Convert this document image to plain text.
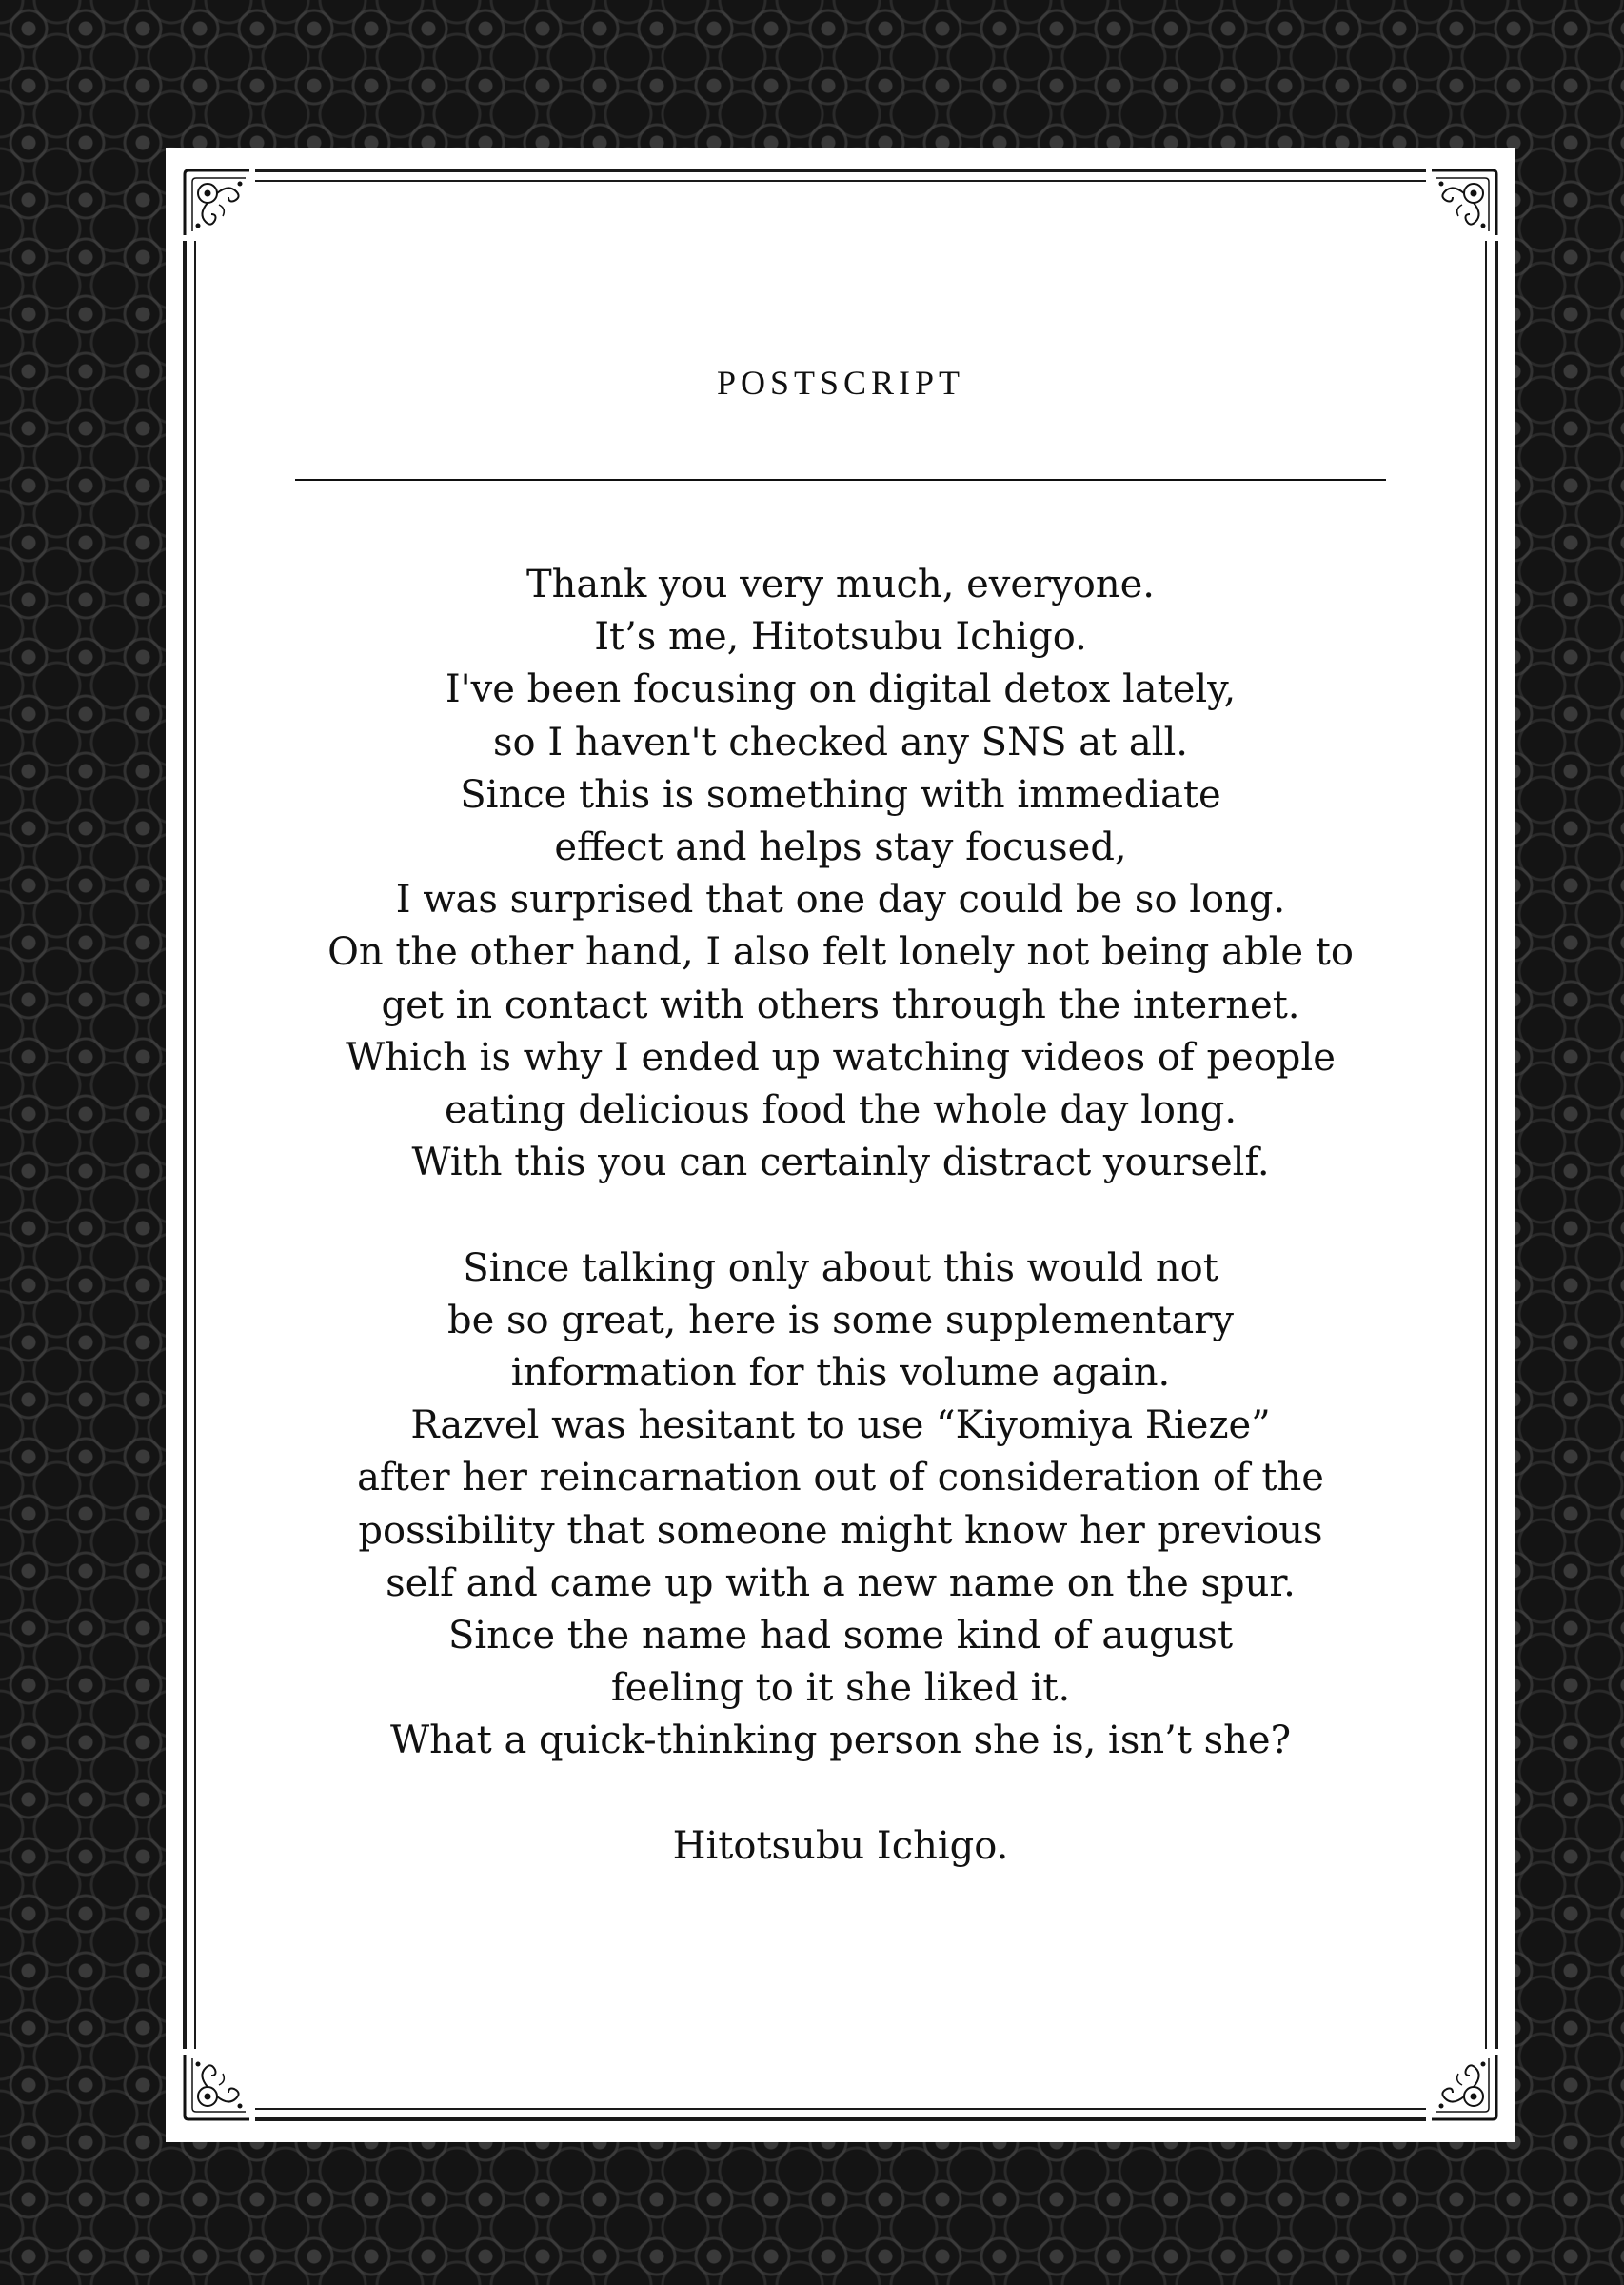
POSTSCRIPT
Thank you very much, everyone.
It’s me, Hitotsubu Ichigo.
I've been focusing on digital detox lately,
so I haven't checked any SNS at all.
Since this is something with immediate
effect and helps stay focused,
I was surprised that one day could be so long.
On the other hand, I also felt lonely not being able to
get in contact with others through the internet.
Which is why I ended up watching videos of people
eating delicious food the whole day long.
With this you can certainly distract yourself.
Since talking only about this would not
be so great, here is some supplementary
information for this volume again.
Razvel was hesitant to use “Kiyomiya Rieze”
after her reincarnation out of consideration of the
possibility that someone might know her previous
self and came up with a new name on the spur.
Since the name had some kind of august
feeling to it she liked it.
What a quick-thinking person she is, isn’t she?
Hitotsubu Ichigo.
